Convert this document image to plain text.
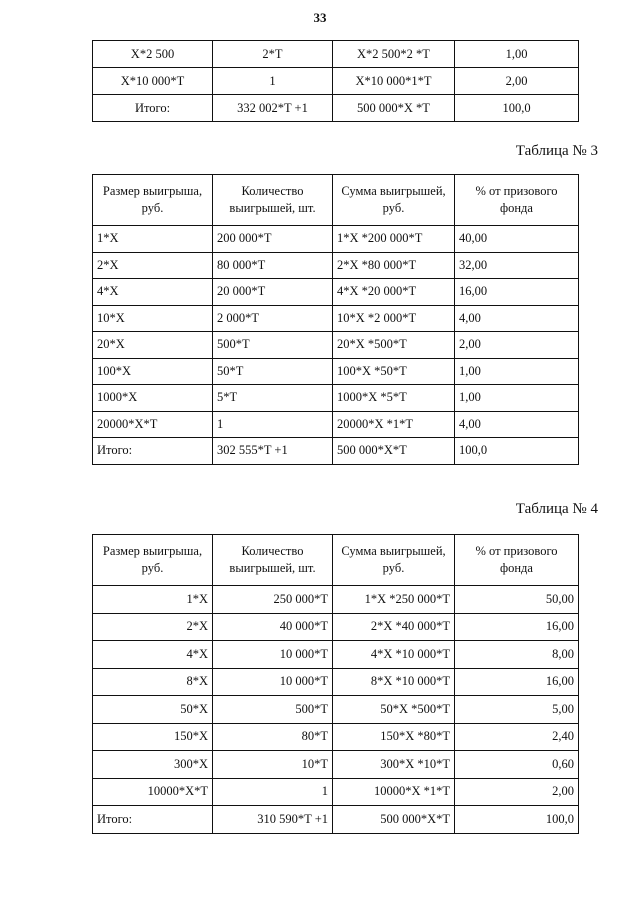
33
X*2 500	2*T	X*2 500*2 *T	1,00
X*10 000*T	1	X*10 000*1*T	2,00
Итого:	332 002*T +1	500 000*X *T	100,0
Таблица № 3
Размер выигрыша, руб.	Количество выигрышей, шт.	Сумма выигрышей, руб.	% от призового фонда
1*X	200 000*T	1*X *200 000*T	40,00
2*X	80 000*T	2*X *80 000*T	32,00
4*X	20 000*T	4*X *20 000*T	16,00
10*X	2 000*T	10*X *2 000*T	4,00
20*X	500*T	20*X *500*T	2,00
100*X	50*T	100*X *50*T	1,00
1000*X	5*T	1000*X *5*T	1,00
20000*X*T	1	20000*X *1*T	4,00
Итого:	302 555*T +1	500 000*X*T	100,0
Таблица № 4
Размер выигрыша, руб.	Количество выигрышей, шт.	Сумма выигрышей, руб.	% от призового фонда
1*X	250 000*T	1*X *250 000*T	50,00
2*X	40 000*T	2*X *40 000*T	16,00
4*X	10 000*T	4*X *10 000*T	8,00
8*X	10 000*T	8*X *10 000*T	16,00
50*X	500*T	50*X *500*T	5,00
150*X	80*T	150*X *80*T	2,40
300*X	10*T	300*X *10*T	0,60
10000*X*T	1	10000*X *1*T	2,00
Итого:	310 590*T +1	500 000*X*T	100,0
